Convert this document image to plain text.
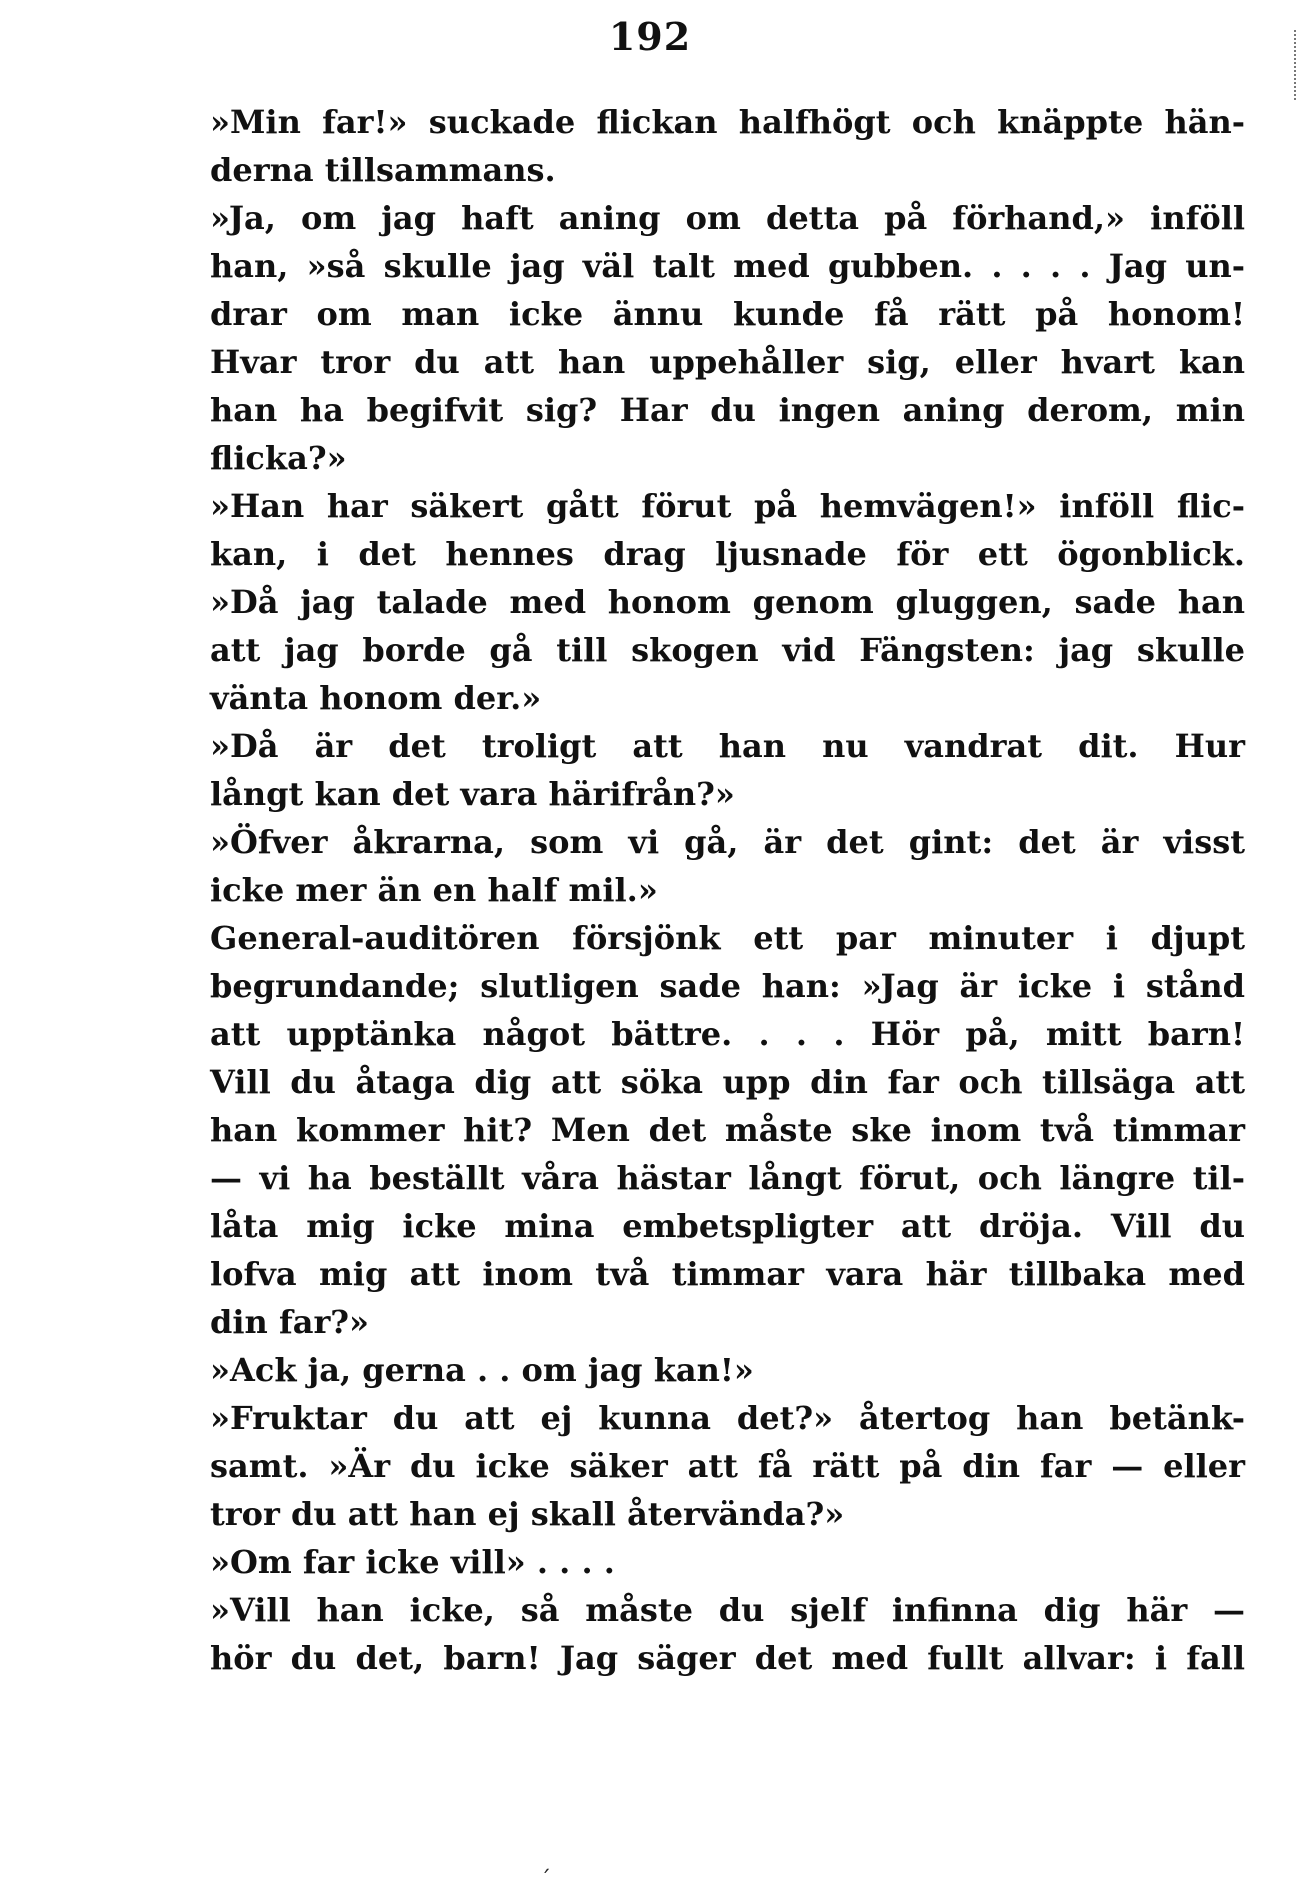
192
»Min far!» suckade flickan halfhögt och knäppte hän-
derna tillsammans.
»Ja, om jag haft aning om detta på förhand,» inföll
han, »så skulle jag väl talt med gubben. . . . . Jag un-
drar om man icke ännu kunde få rätt på honom!
Hvar tror du att han uppehåller sig, eller hvart kan
han ha begifvit sig? Har du ingen aning derom, min
flicka?»
»Han har säkert gått förut på hemvägen!» inföll flic-
kan, i det hennes drag ljusnade för ett ögonblick.
»Då jag talade med honom genom gluggen, sade han
att jag borde gå till skogen vid Fängsten: jag skulle
vänta honom der.»
»Då är det troligt att han nu vandrat dit. Hur
långt kan det vara härifrån?»
»Öfver åkrarna, som vi gå, är det gint: det är visst
icke mer än en half mil.»
General-auditören försjönk ett par minuter i djupt
begrundande; slutligen sade han: »Jag är icke i stånd
att upptänka något bättre. . . . Hör på, mitt barn!
Vill du åtaga dig att söka upp din far och tillsäga att
han kommer hit? Men det måste ske inom två timmar
— vi ha beställt våra hästar långt förut, och längre til-
låta mig icke mina embetspligter att dröja. Vill du
lofva mig att inom två timmar vara här tillbaka med
din far?»
»Ack ja, gerna . . om jag kan!»
»Fruktar du att ej kunna det?» återtog han betänk-
samt. »Är du icke säker att få rätt på din far — eller
tror du att han ej skall återvända?»
»Om far icke vill» . . . .
»Vill han icke, så måste du sjelf infinna dig här —
hör du det, barn! Jag säger det med fullt allvar: i fall
ˊ
